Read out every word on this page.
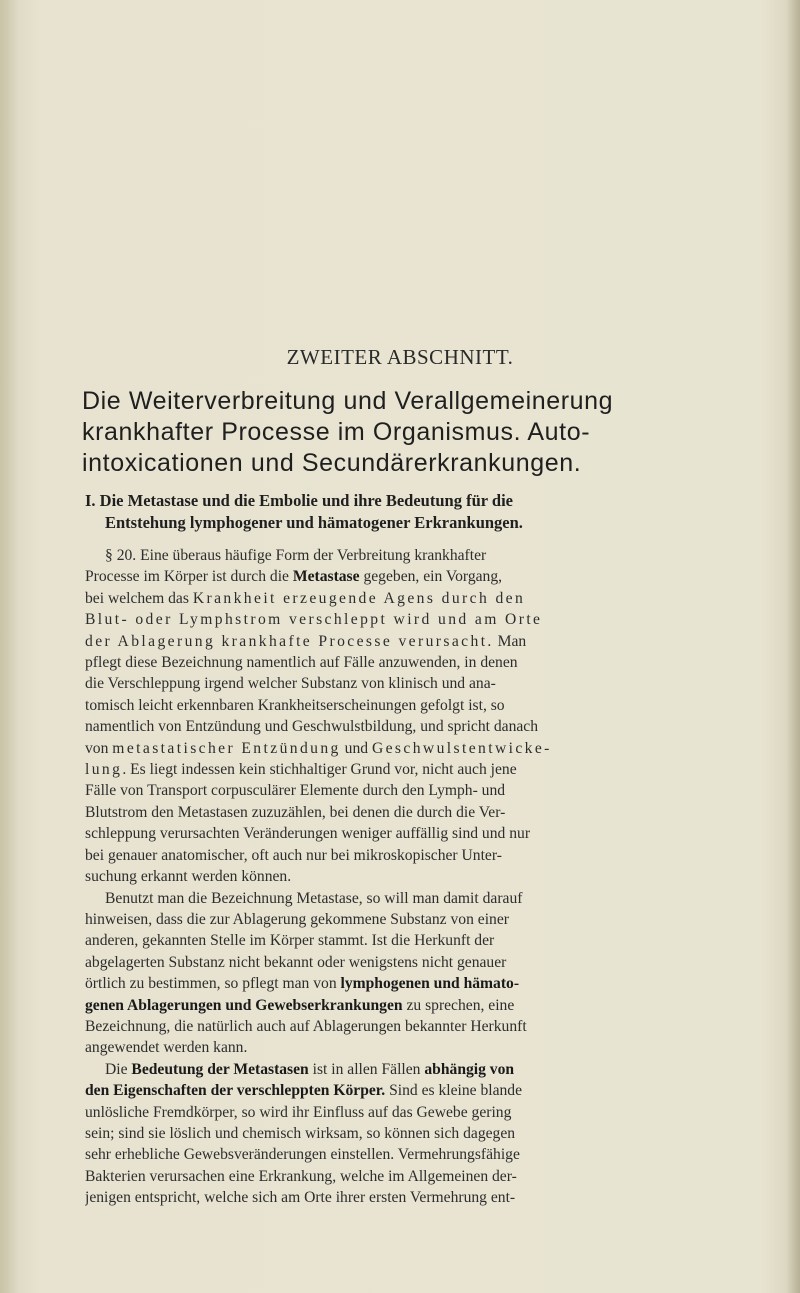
ZWEITER ABSCHNITT.
Die Weiterverbreitung und Verallgemeinerung
krankhafter Processe im Organismus. Auto-
intoxicationen und Secundärerkrankungen.
I. Die Metastase und die Embolie und ihre Bedeutung für die
Entstehung lymphogener und hämatogener Erkrankungen.
§ 20. Eine überaus häufige Form der Verbreitung krankhafter
Processe im Körper ist durch die Metastase gegeben, ein Vorgang,
bei welchem das Krankheit erzeugende Agens durch den
Blut- oder Lymphstrom verschleppt wird und am Orte
der Ablagerung krankhafte Processe verursacht. Man
pflegt diese Bezeichnung namentlich auf Fälle anzuwenden, in denen
die Verschleppung irgend welcher Substanz von klinisch und ana-
tomisch leicht erkennbaren Krankheitserscheinungen gefolgt ist, so
namentlich von Entzündung und Geschwulstbildung, und spricht danach
von metastatischer Entzündung und Geschwulstentwicke-
lung. Es liegt indessen kein stichhaltiger Grund vor, nicht auch jene
Fälle von Transport corpusculärer Elemente durch den Lymph- und
Blutstrom den Metastasen zuzuzählen, bei denen die durch die Ver-
schleppung verursachten Veränderungen weniger auffällig sind und nur
bei genauer anatomischer, oft auch nur bei mikroskopischer Unter-
suchung erkannt werden können.
Benutzt man die Bezeichnung Metastase, so will man damit darauf
hinweisen, dass die zur Ablagerung gekommene Substanz von einer
anderen, gekannten Stelle im Körper stammt. Ist die Herkunft der
abgelagerten Substanz nicht bekannt oder wenigstens nicht genauer
örtlich zu bestimmen, so pflegt man von lymphogenen und hämato-
genen Ablagerungen und Gewebserkrankungen zu sprechen, eine
Bezeichnung, die natürlich auch auf Ablagerungen bekannter Herkunft
angewendet werden kann.
Die Bedeutung der Metastasen ist in allen Fällen abhängig von
den Eigenschaften der verschleppten Körper. Sind es kleine blande
unlösliche Fremdkörper, so wird ihr Einfluss auf das Gewebe gering
sein; sind sie löslich und chemisch wirksam, so können sich dagegen
sehr erhebliche Gewebsveränderungen einstellen. Vermehrungsfähige
Bakterien verursachen eine Erkrankung, welche im Allgemeinen der-
jenigen entspricht, welche sich am Orte ihrer ersten Vermehrung ent-
